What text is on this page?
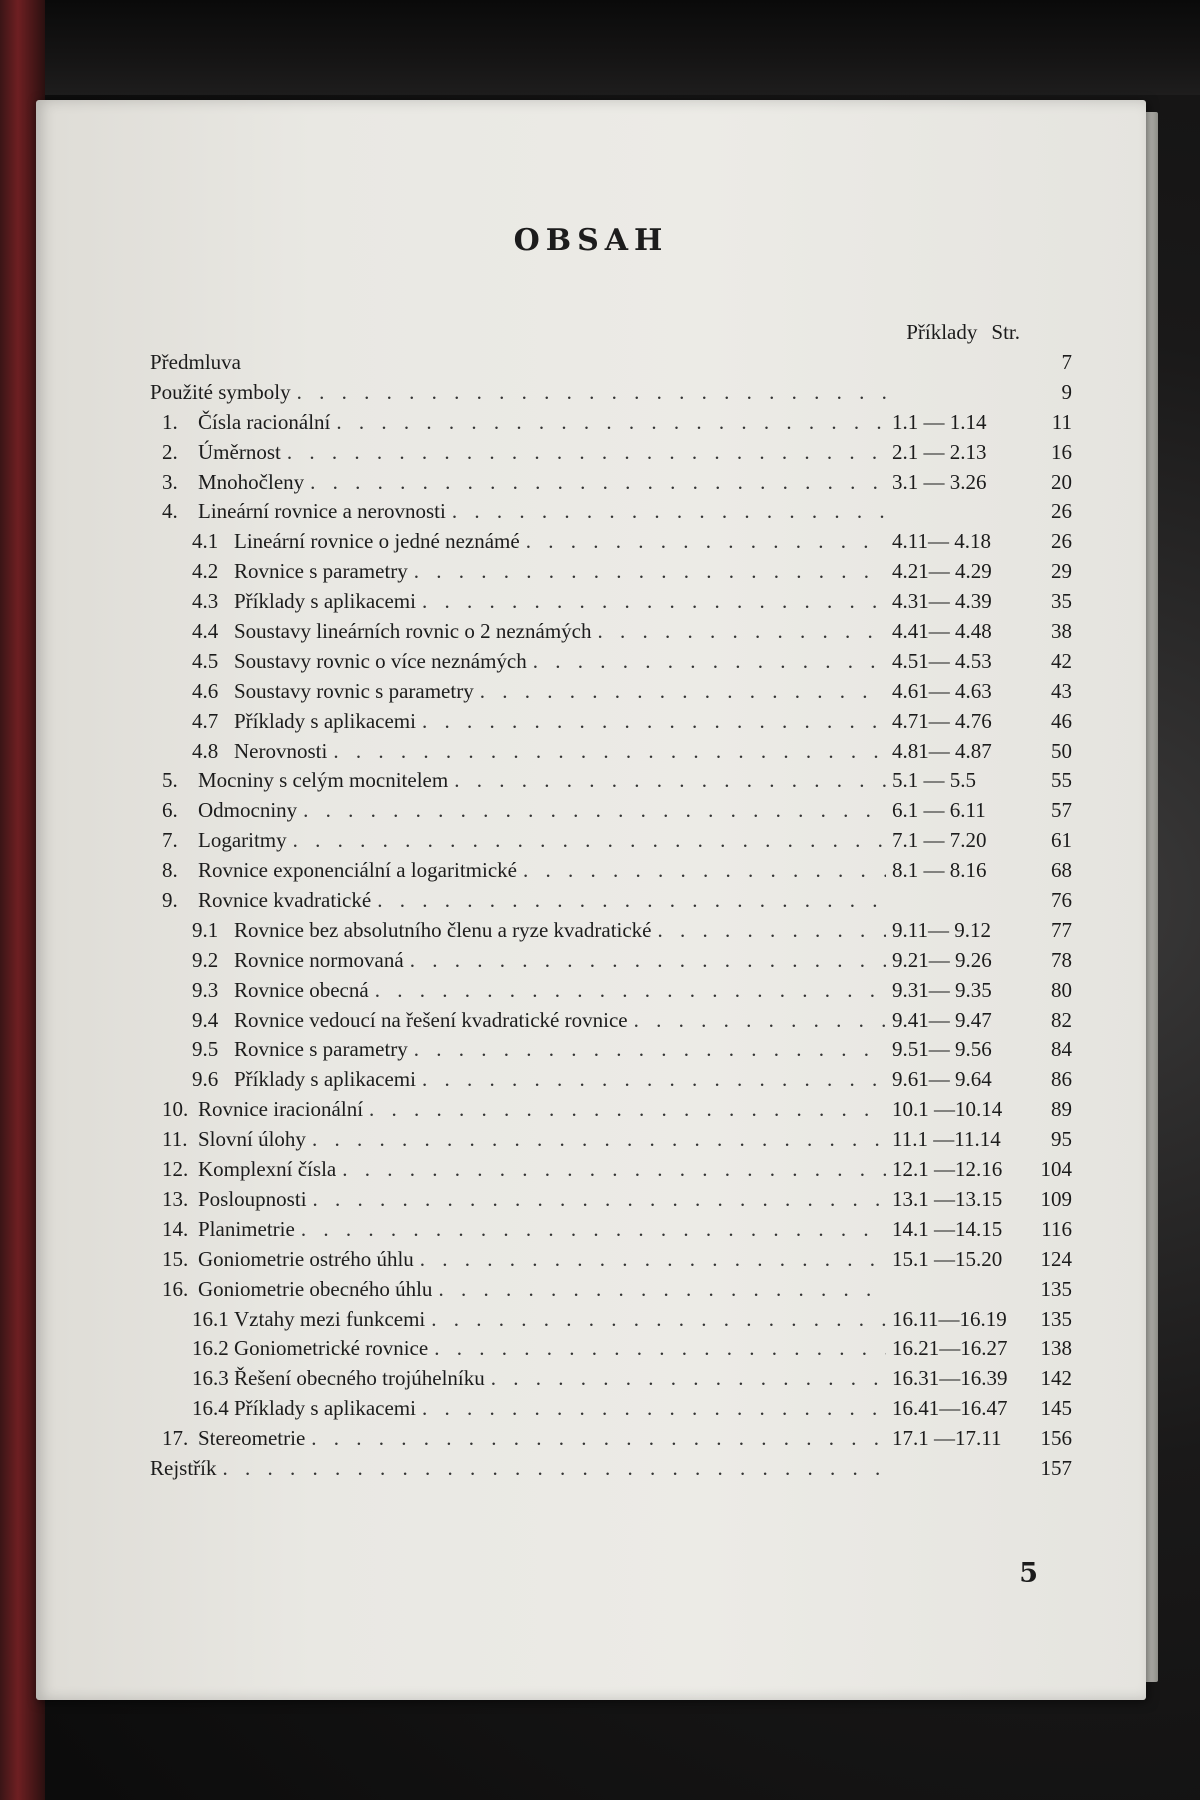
OBSAH
Příklady Str.
Předmluva	7
Použité symboly . . .	9
1. Čísla racionální . . .	1.1 — 1.14	11
2. Úměrnost . . .	2.1 — 2.13	16
3. Mnohočleny . . .	3.1 — 3.26	20
4. Lineární rovnice a nerovnosti . . .	26
4.1 Lineární rovnice o jedné neznámé . . .	4.11— 4.18	26
4.2 Rovnice s parametry . . .	4.21— 4.29	29
4.3 Příklady s aplikacemi . . .	4.31— 4.39	35
4.4 Soustavy lineárních rovnic o 2 neznámých . . .	4.41— 4.48	38
4.5 Soustavy rovnic o více neznámých . . .	4.51— 4.53	42
4.6 Soustavy rovnic s parametry . . .	4.61— 4.63	43
4.7 Příklady s aplikacemi . . .	4.71— 4.76	46
4.8 Nerovnosti . . .	4.81— 4.87	50
5. Mocniny s celým mocnitelem . . .	5.1 — 5.5	55
6. Odmocniny . . .	6.1 — 6.11	57
7. Logaritmy . . .	7.1 — 7.20	61
8. Rovnice exponenciální a logaritmické . . .	8.1 — 8.16	68
9. Rovnice kvadratické . . .	76
9.1 Rovnice bez absolutního členu a ryze kvadratické . . .	9.11— 9.12	77
9.2 Rovnice normovaná . . .	9.21— 9.26	78
9.3 Rovnice obecná . . .	9.31— 9.35	80
9.4 Rovnice vedoucí na řešení kvadratické rovnice . . .	9.41— 9.47	82
9.5 Rovnice s parametry . . .	9.51— 9.56	84
9.6 Příklady s aplikacemi . . .	9.61— 9.64	86
10. Rovnice iracionální . . .	10.1 —10.14	89
11. Slovní úlohy . . .	11.1 —11.14	95
12. Komplexní čísla . . .	12.1 —12.16	104
13. Posloupnosti . . .	13.1 —13.15	109
14. Planimetrie . . .	14.1 —14.15	116
15. Goniometrie ostrého úhlu . . .	15.1 —15.20	124
16. Goniometrie obecného úhlu . . .	135
16.1 Vztahy mezi funkcemi . . .	16.11—16.19	135
16.2 Goniometrické rovnice . . .	16.21—16.27	138
16.3 Řešení obecného trojúhelníku . . .	16.31—16.39	142
16.4 Příklady s aplikacemi . . .	16.41—16.47	145
17. Stereometrie . . .	17.1 —17.11	156
Rejstřík . . .	157
5
